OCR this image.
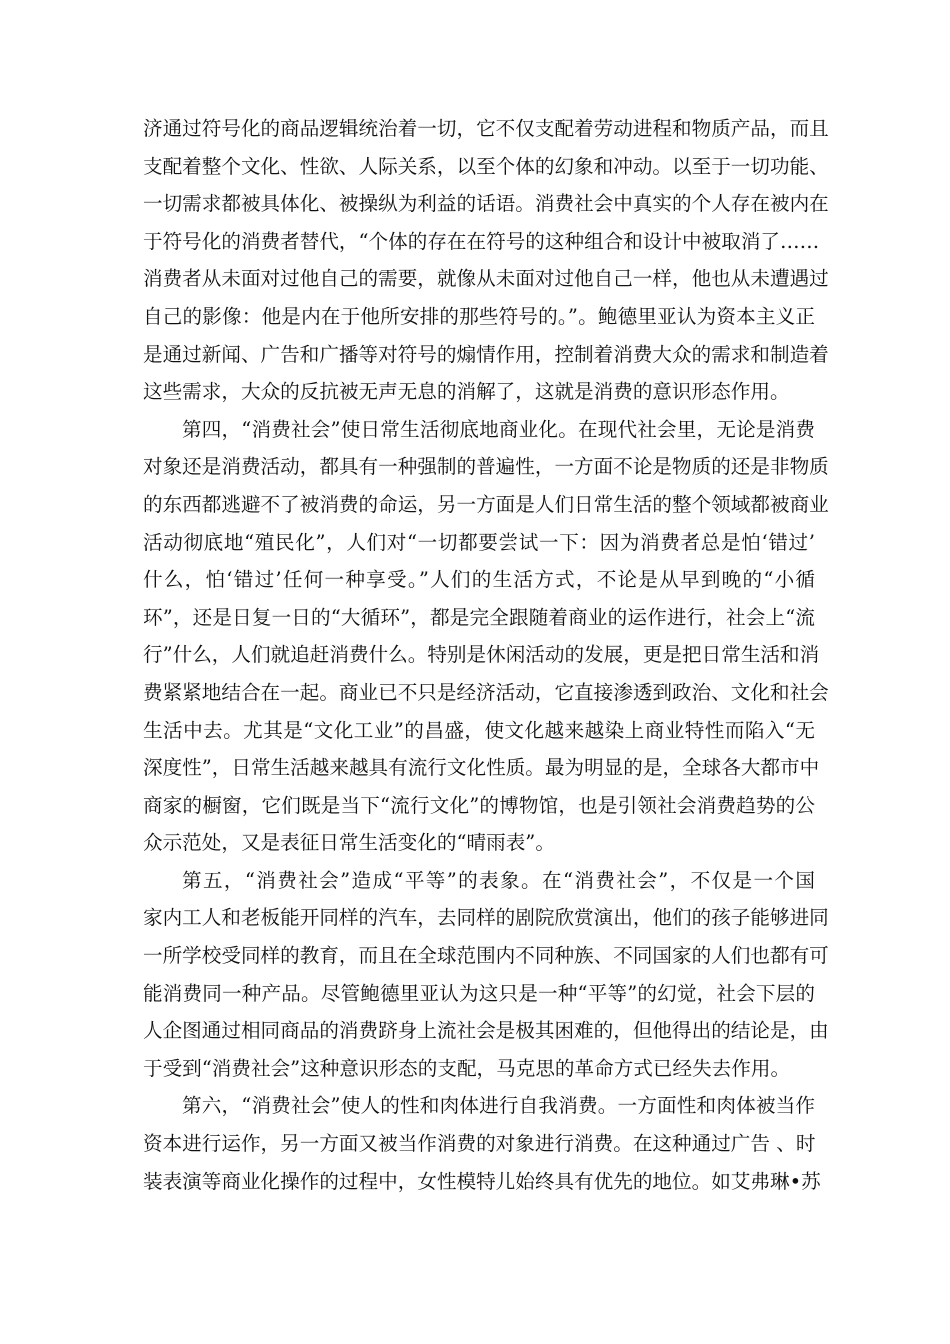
济通过符号化的商品逻辑统治着一切，它不仅支配着劳动进程和物质产品，而且
支配着整个文化、性欲、人际关系，以至个体的幻象和冲动。以至于一切功能、
一切需求都被具体化、被操纵为利益的话语。消费社会中真实的个人存在被内在
于符号化的消费者替代，“个体的存在在符号的这种组合和设计中被取消了……
消费者从未面对过他自己的需要，就像从未面对过他自己一样，他也从未遭遇过
自己的影像：他是内在于他所安排的那些符号的。”。鲍德里亚认为资本主义正
是通过新闻、广告和广播等对符号的煽情作用，控制着消费大众的需求和制造着
这些需求，大众的反抗被无声无息的消解了，这就是消费的意识形态作用。
第四，“消费社会”使日常生活彻底地商业化。在现代社会里，无论是消费
对象还是消费活动，都具有一种强制的普遍性，一方面不论是物质的还是非物质
的东西都逃避不了被消费的命运，另一方面是人们日常生活的整个领域都被商业
活动彻底地“殖民化”，人们对“一切都要尝试一下：因为消费者总是怕‘错过’
什么，怕‘错过’任何一种享受。”人们的生活方式，不论是从早到晚的“小循
环”，还是日复一日的“大循环”，都是完全跟随着商业的运作进行，社会上“流
行”什么，人们就追赶消费什么。特别是休闲活动的发展，更是把日常生活和消
费紧紧地结合在一起。商业已不只是经济活动，它直接渗透到政治、文化和社会
生活中去。尤其是“文化工业”的昌盛，使文化越来越染上商业特性而陷入“无
深度性”，日常生活越来越具有流行文化性质。最为明显的是，全球各大都市中
商家的橱窗，它们既是当下“流行文化”的博物馆，也是引领社会消费趋势的公
众示范处，又是表征日常生活变化的“晴雨表”。
第五，“消费社会”造成“平等”的表象。在“消费社会”，不仅是一个国
家内工人和老板能开同样的汽车，去同样的剧院欣赏演出，他们的孩子能够进同
一所学校受同样的教育，而且在全球范围内不同种族、不同国家的人们也都有可
能消费同一种产品。尽管鲍德里亚认为这只是一种“平等”的幻觉，社会下层的
人企图通过相同商品的消费跻身上流社会是极其困难的，但他得出的结论是，由
于受到“消费社会”这种意识形态的支配，马克思的革命方式已经失去作用。
第六，“消费社会”使人的性和肉体进行自我消费。一方面性和肉体被当作
资本进行运作，另一方面又被当作消费的对象进行消费。在这种通过广告 、时
装表演等商业化操作的过程中，女性模特儿始终具有优先的地位。如艾弗琳•苏
